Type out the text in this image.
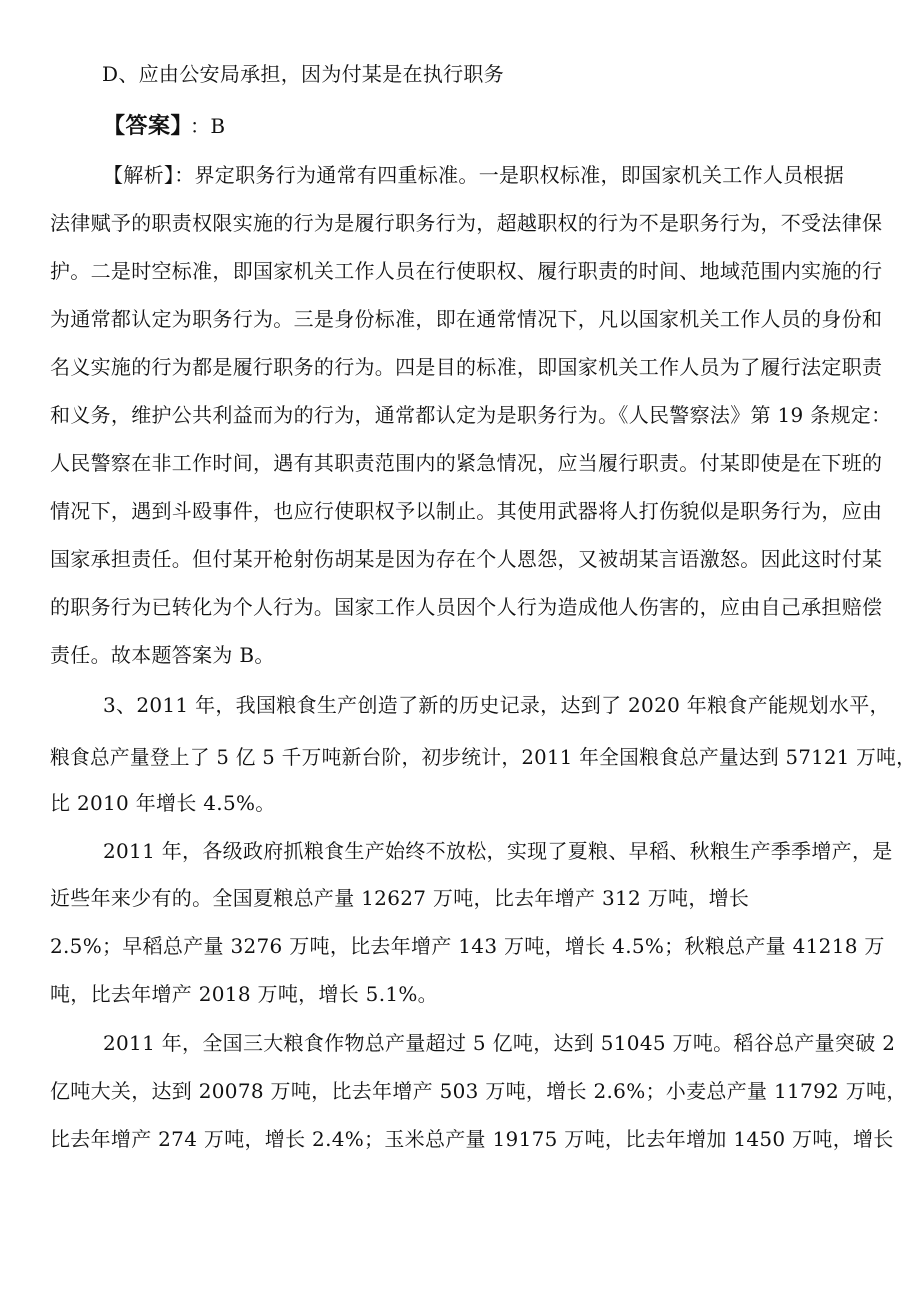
D、应由公安局承担，因为付某是在执行职务
【答案】 ：B
【解析】：界定职务行为通常有四重标准。一是职权标准，即国家机关工作人员根据
法律赋予的职责权限实施的行为是履行职务行为，超越职权的行为不是职务行为，不受法律保
护。二是时空标准，即国家机关工作人员在行使职权、履行职责的时间、地域范围内实施的行
为通常都认定为职务行为。三是身份标准，即在通常情况下，凡以国家机关工作人员的身份和
名义实施的行为都是履行职务的行为。四是目的标准，即国家机关工作人员为了履行法定职责
和义务，维护公共利益而为的行为，通常都认定为是职务行为。《人民警察法》第 19 条规定：
人民警察在非工作时间，遇有其职责范围内的紧急情况，应当履行职责。付某即使是在下班的
情况下，遇到斗殴事件，也应行使职权予以制止。其使用武器将人打伤貌似是职务行为，应由
国家承担责任。但付某开枪射伤胡某是因为存在个人恩怨，又被胡某言语激怒。因此这时付某
的职务行为已转化为个人行为。国家工作人员因个人行为造成他人伤害的，应由自己承担赔偿
责任。故本题答案为 B。
3、2011 年，我国粮食生产创造了新的历史记录，达到了 2020 年粮食产能规划水平，
粮食总产量登上了 5 亿 5 千万吨新台阶，初步统计，2011 年全国粮食总产量达到 57121 万吨，
比 2010 年增长 4.5%。
2011 年，各级政府抓粮食生产始终不放松，实现了夏粮、早稻、秋粮生产季季增产，是
近些年来少有的。全国夏粮总产量 12627 万吨，比去年增产 312 万吨，增长
2.5%；早稻总产量 3276 万吨，比去年增产 143 万吨，增长 4.5%；秋粮总产量 41218 万
吨，比去年增产 2018 万吨，增长 5.1%。
2011 年，全国三大粮食作物总产量超过 5 亿吨，达到 51045 万吨。稻谷总产量突破 2
亿吨大关，达到 20078 万吨，比去年增产 503 万吨，增长 2.6%；小麦总产量 11792 万吨，
比去年增产 274 万吨，增长 2.4%；玉米总产量 19175 万吨，比去年增加 1450 万吨，增长
